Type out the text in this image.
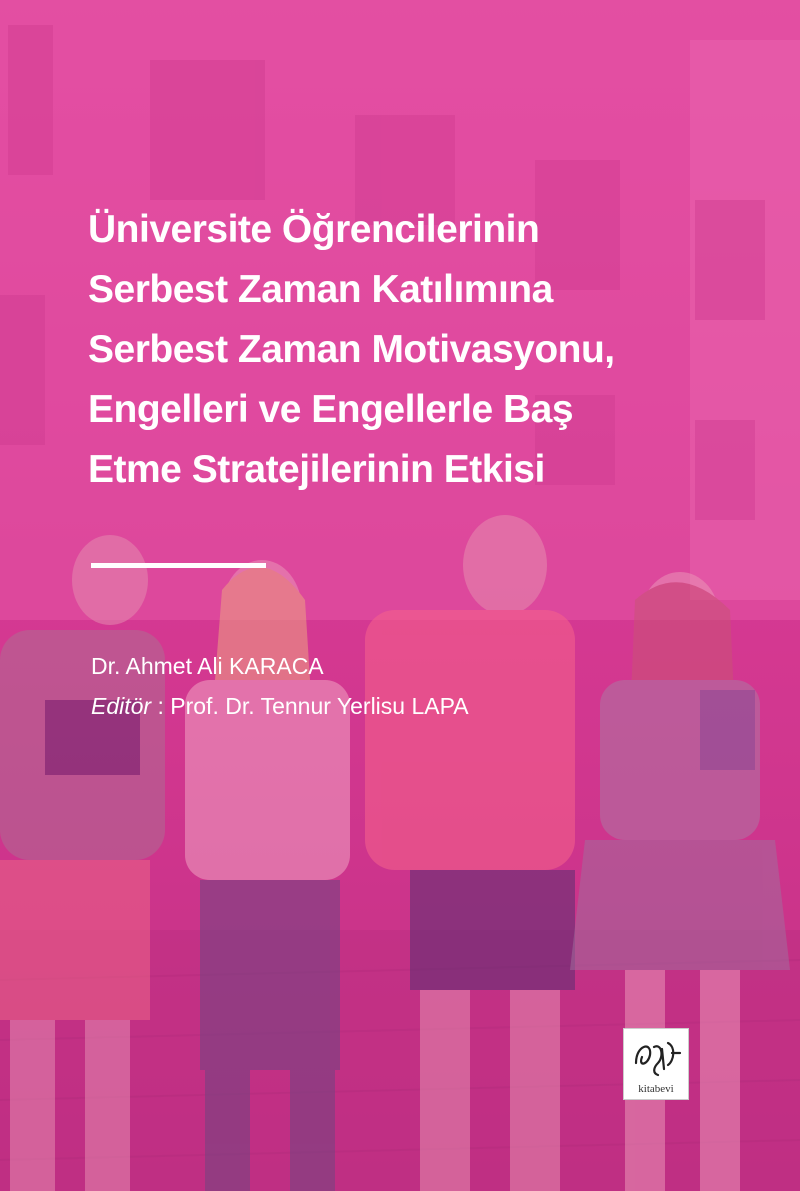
Üniversite Öğrencilerinin
Serbest Zaman Katılımına
Serbest Zaman Motivasyonu,
Engelleri ve Engellerle Baş
Etme Stratejilerinin Etkisi
Dr. Ahmet Ali KARACA
Editör : Prof. Dr. Tennur Yerlisu LAPA
kitabevi
